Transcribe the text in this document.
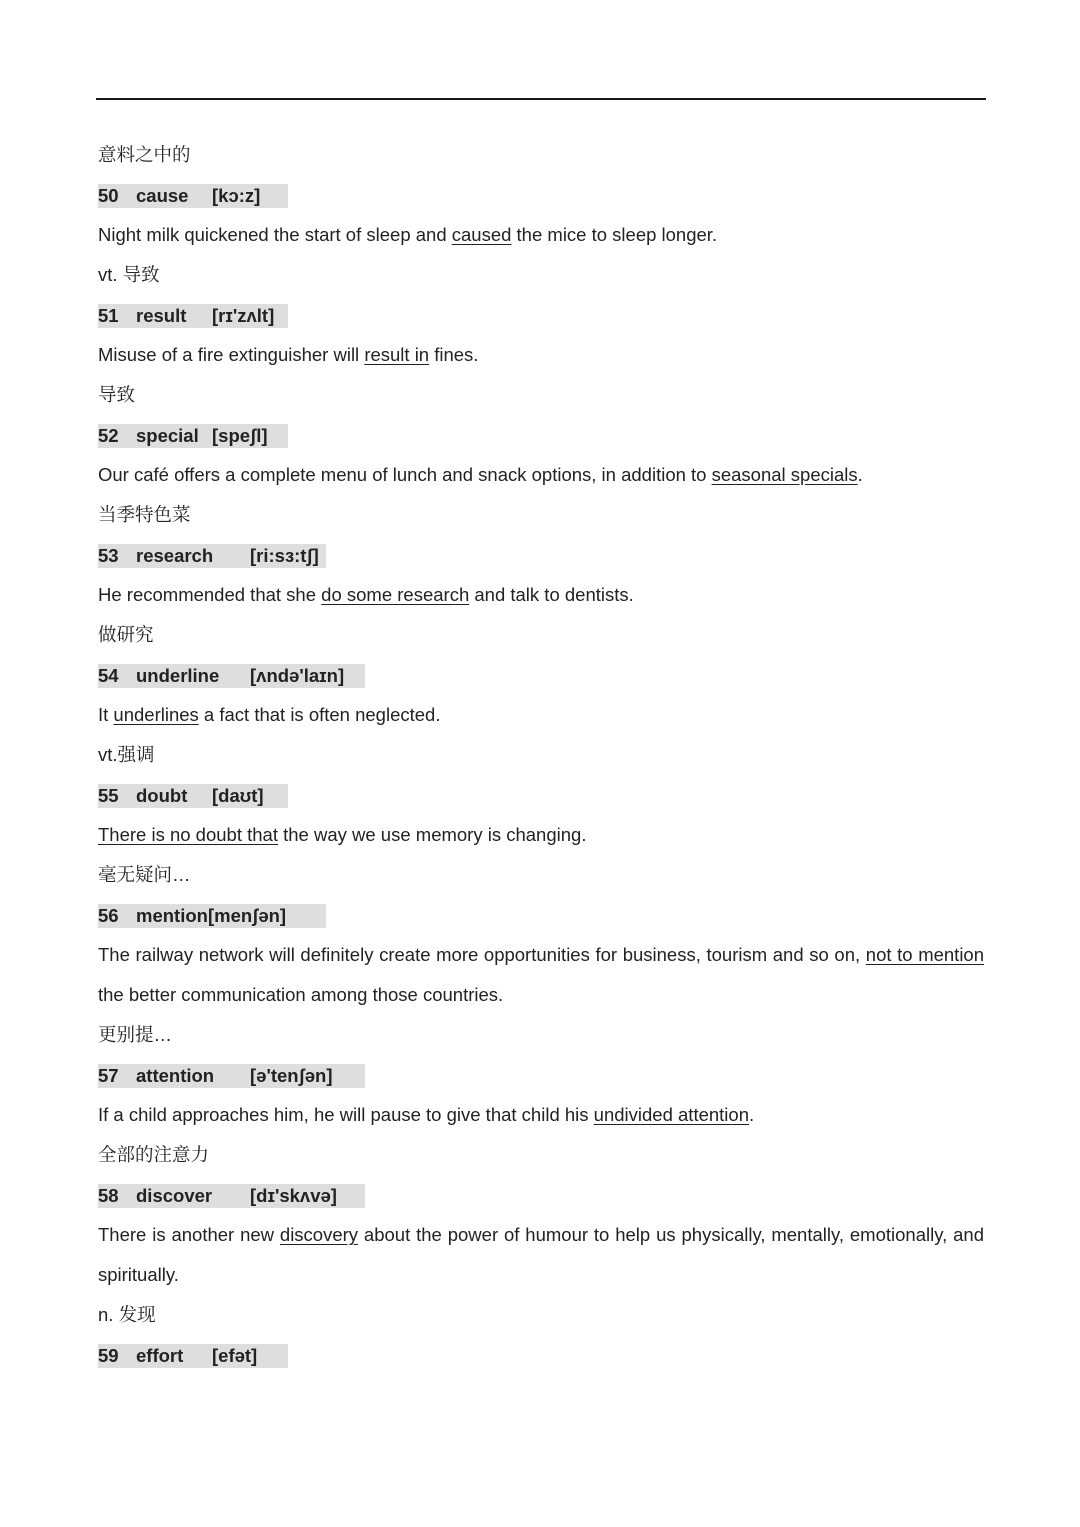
意料之中的
50 cause [kɔ:z]
Night milk quickened the start of sleep and caused the mice to sleep longer.
vt. 导致
51 result [rɪ'zʌlt]
Misuse of a fire extinguisher will result in fines.
导致
52 special [speʃl]
Our café offers a complete menu of lunch and snack options, in addition to seasonal specials.
当季特色菜
53 research [ri:sɜ:tʃ]
He recommended that she do some research and talk to dentists.
做研究
54 underline [ʌndə'laɪn]
It underlines a fact that is often neglected.
vt.强调
55 doubt [daʊt]
There is no doubt that the way we use memory is changing.
毫无疑问…
56 mention[menʃən]
The railway network will definitely create more opportunities for business, tourism and so on, not to mention the better communication among those countries.
更别提…
57 attention [ə'tenʃən]
If a child approaches him, he will pause to give that child his undivided attention.
全部的注意力
58 discover [dɪ'skʌvə]
There is another new discovery about the power of humour to help us physically, mentally, emotionally, and spiritually.
n. 发现
59 effort [efət]
